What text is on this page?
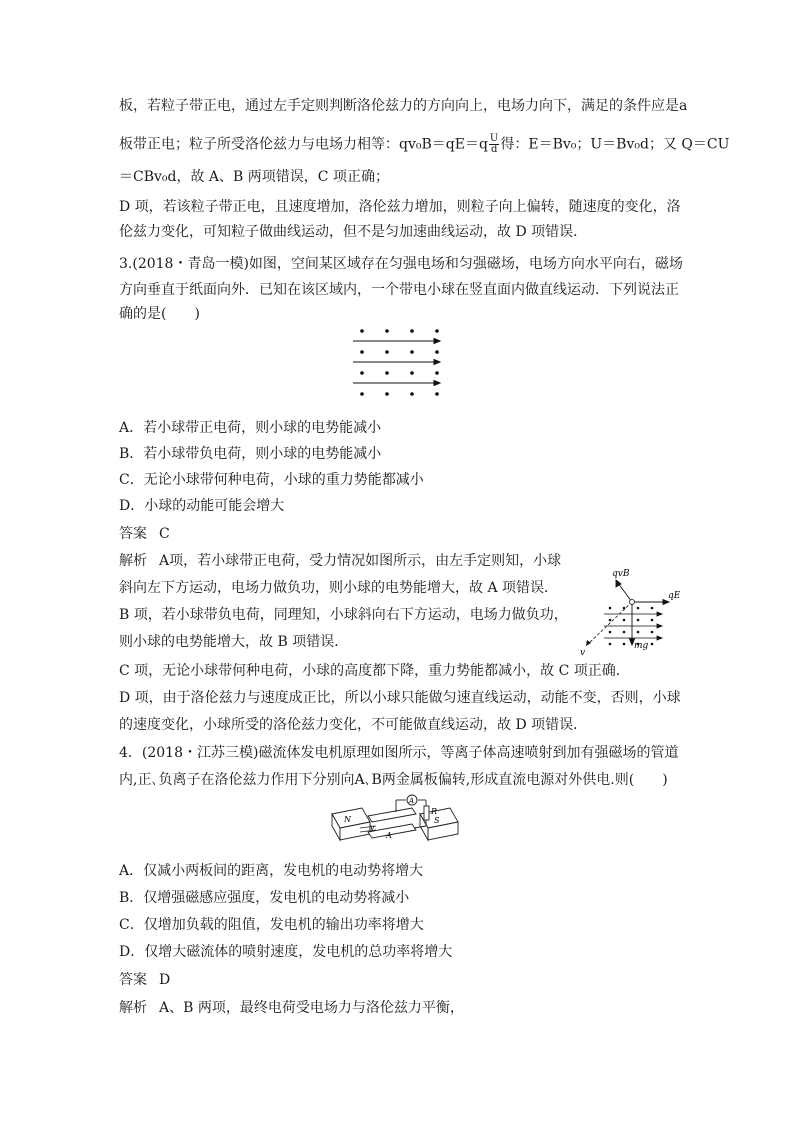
板，若粒子带正电，通过左手定则判断洛伦兹力的方向向上，电场力向下，满足的条件应是a
板带正电；粒子所受洛伦兹力与电场力相等：$qv_0B=qE=q \frac{U}{d}$ 得：E＝Bv₀；U＝Bv₀d；又 Q＝CU
＝CBv₀d，故 A、B 两项错误，C 项正确；
D 项，若该粒子带正电，且速度增加，洛伦兹力增加，则粒子向上偏转，随速度的变化，洛
伦兹力变化，可知粒子做曲线运动，但不是匀加速曲线运动，故 D 项错误．
3.(2018・青岛一模)如图，空间某区域存在匀强电场和匀强磁场，电场方向水平向右，磁场
方向垂直于纸面向外．已知在该区域内，一个带电小球在竖直面内做直线运动．下列说法正
确的是(　　)
A．若小球带正电荷，则小球的电势能减小
B．若小球带负电荷，则小球的电势能减小
C．无论小球带何种电荷，小球的重力势能都减小
D．小球的动能可能会增大
答案 C
解析 A项，若小球带正电荷，受力情况如图所示，由左手定则知，小球
斜向左下方运动，电场力做负功，则小球的电势能增大，故 A 项错误．
B 项，若小球带负电荷，同理知，小球斜向右下方运动，电场力做负功，
则小球的电势能增大，故 B 项错误．
C 项，无论小球带何种电荷，小球的高度都下降，重力势能都减小，故 C 项正确．
D 项，由于洛伦兹力与速度成正比，所以小球只能做匀速直线运动，动能不变，否则，小球
的速度变化，小球所受的洛伦兹力变化，不可能做直线运动，故 D 项错误．
qvB
qE
mg
v
4．(2018・江苏三模)磁流体发电机原理如图所示，等离子体高速喷射到加有强磁场的管道
内,正､负离子在洛伦兹力作用下分别向A､B两金属板偏转,形成直流电源对外供电.则(　　)
A
R
N	S
A
v
A．仅减小两板间的距离，发电机的电动势将增大
B．仅增强磁感应强度，发电机的电动势将减小
C．仅增加负载的阻值，发电机的输出功率将增大
D．仅增大磁流体的喷射速度，发电机的总功率将增大
答案 D
解析 A、B 两项，最终电荷受电场力与洛伦兹力平衡，
